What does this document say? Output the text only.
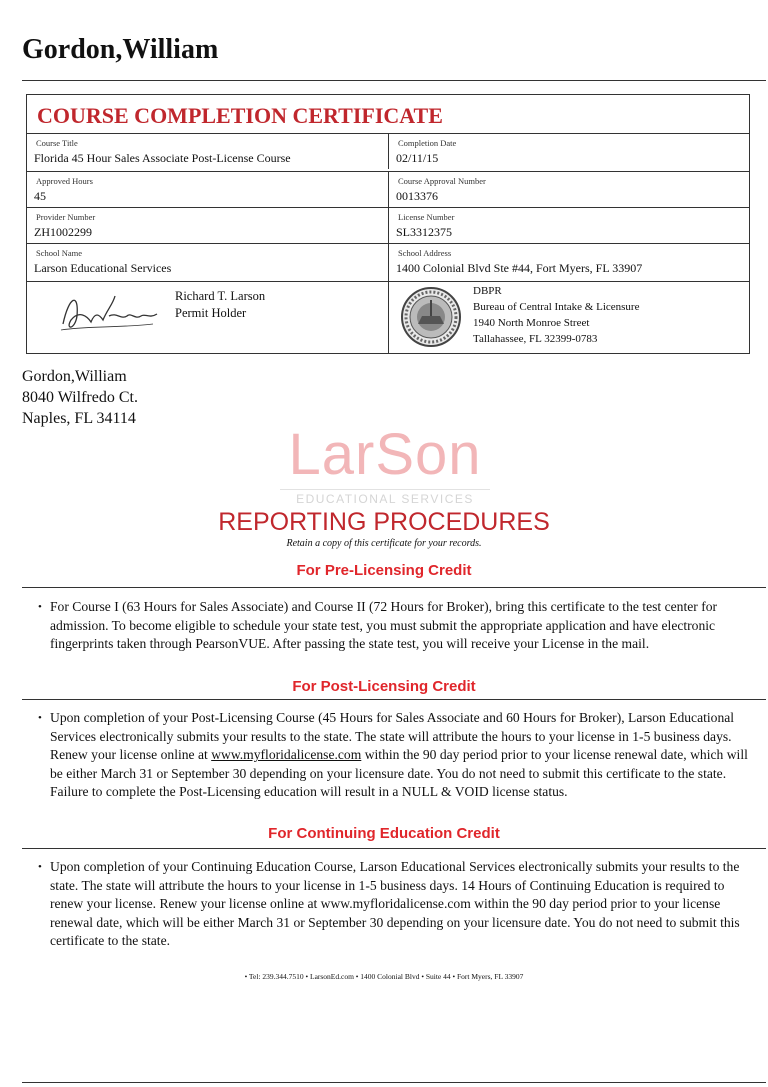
Gordon,William
COURSE COMPLETION CERTIFICATE
Course Title
Florida 45 Hour Sales Associate Post-License Course
Completion Date
02/11/15
Approved Hours
45
Course Approval Number
0013376
Provider Number
ZH1002299
License Number
SL3312375
School Name
Larson Educational Services
School Address
1400 Colonial Blvd Ste #44, Fort Myers, FL 33907
Richard T. Larson
Permit Holder
DBPR
Bureau of Central Intake & Licensure
1940 North Monroe Street
Tallahassee, FL 32399-0783
Gordon,William
8040 Wilfredo Ct.
Naples, FL 34114
LarSon
EDUCATIONAL SERVICES
REPORTING PROCEDURES
Retain a copy of this certificate for your records.
For Pre-Licensing Credit
• For Course I (63 Hours for Sales Associate) and Course II (72 Hours for Broker), bring this certificate to the test center for admission. To become eligible to schedule your state test, you must submit the appropriate application and have electronic fingerprints taken through PearsonVUE. After passing the state test, you will receive your License in the mail.
For Post-Licensing Credit
• Upon completion of your Post-Licensing Course (45 Hours for Sales Associate and 60 Hours for Broker), Larson Educational Services electronically submits your results to the state. The state will attribute the hours to your license in 1-5 business days. Renew your license online at www.myfloridalicense.com within the 90 day period prior to your license renewal date, which will be either March 31 or September 30 depending on your licensure date. You do not need to submit this certificate to the state. Failure to complete the Post-Licensing education will result in a NULL & VOID license status.
For Continuing Education Credit
• Upon completion of your Continuing Education Course, Larson Educational Services electronically submits your results to the state. The state will attribute the hours to your license in 1-5 business days. 14 Hours of Continuing Education is required to renew your license. Renew your license online at www.myfloridalicense.com within the 90 day period prior to your license renewal date, which will be either March 31 or September 30 depending on your licensure date. You do not need to submit this certificate to the state.
• Tel: 239.344.7510 • LarsonEd.com • 1400 Colonial Blvd • Suite 44 • Fort Myers, FL 33907
